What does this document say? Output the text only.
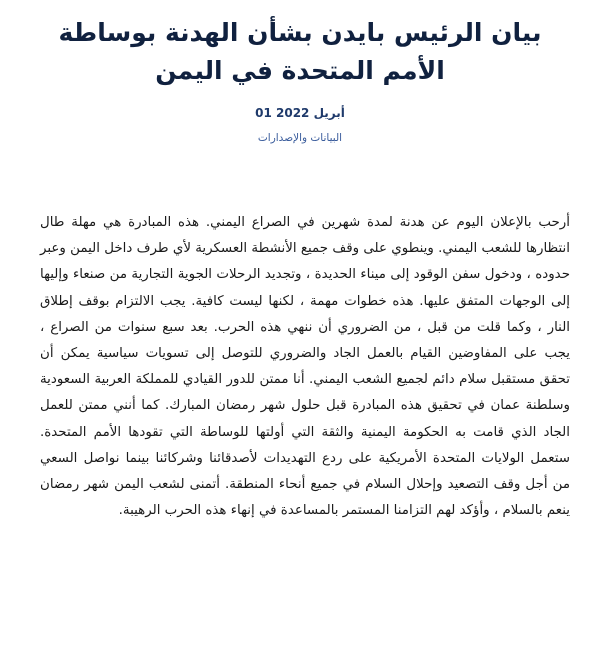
بيان الرئيس بايدن بشأن الهدنة بوساطة الأمم المتحدة في اليمن
أبريل 2022 01
البيانات والإصدارات

أرحب بالإعلان اليوم عن هدنة لمدة شهرين في الصراع اليمني. هذه المبادرة هي مهلة طال انتظارها للشعب اليمني. وينطوي على وقف جميع الأنشطة العسكرية لأي طرف داخل اليمن وعبر حدوده ، ودخول سفن الوقود إلى ميناء الحديدة ، وتجديد الرحلات الجوية التجارية من صنعاء وإليها إلى الوجهات المتفق عليها. هذه خطوات مهمة ، لكنها ليست كافية. يجب الالتزام بوقف إطلاق النار ، وكما قلت من قبل ، من الضروري أن ننهي هذه الحرب. بعد سبع سنوات من الصراع ، يجب على المفاوضين القيام بالعمل الجاد والضروري للتوصل إلى تسويات سياسية يمكن أن تحقق مستقبل سلام دائم لجميع الشعب اليمني. أنا ممتن للدور القيادي للمملكة العربية السعودية وسلطنة عمان في تحقيق هذه المبادرة قبل حلول شهر رمضان المبارك. كما أنني ممتن للعمل الجاد الذي قامت به الحكومة اليمنية والثقة التي أولتها للوساطة التي تقودها الأمم المتحدة. ستعمل الولايات المتحدة الأمريكية على ردع التهديدات لأصدقائنا وشركائنا بينما نواصل السعي من أجل وقف التصعيد وإحلال السلام في جميع أنحاء المنطقة. أتمنى لشعب اليمن شهر رمضان ينعم بالسلام ، وأؤكد لهم التزامنا المستمر بالمساعدة في إنهاء هذه الحرب الرهيبة.
